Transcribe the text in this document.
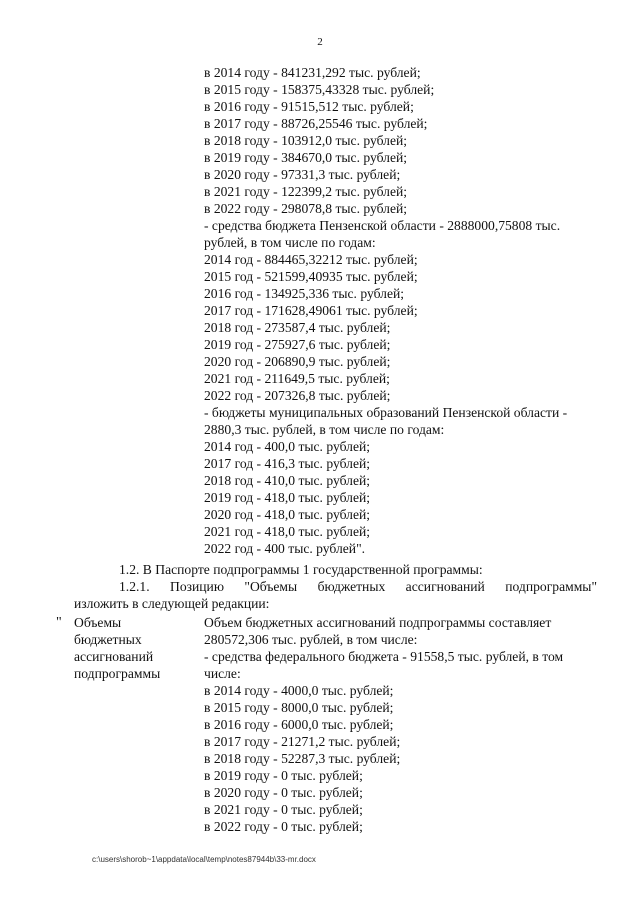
2
в 2014 году - 841231,292 тыс. рублей;
в 2015 году - 158375,43328 тыс. рублей;
в 2016 году - 91515,512 тыс. рублей;
в 2017 году - 88726,25546 тыс. рублей;
в 2018 году - 103912,0 тыс. рублей;
в 2019 году - 384670,0 тыс. рублей;
в 2020 году - 97331,3 тыс. рублей;
в 2021 году - 122399,2 тыс. рублей;
в 2022 году - 298078,8 тыс. рублей;
- средства бюджета Пензенской области - 2888000,75808 тыс.
рублей, в том числе по годам:
2014 год - 884465,32212 тыс. рублей;
2015 год - 521599,40935 тыс. рублей;
2016 год - 134925,336 тыс. рублей;
2017 год - 171628,49061 тыс. рублей;
2018 год - 273587,4 тыс. рублей;
2019 год - 275927,6 тыс. рублей;
2020 год - 206890,9 тыс. рублей;
2021 год - 211649,5 тыс. рублей;
2022 год - 207326,8 тыс. рублей;
- бюджеты муниципальных образований Пензенской области -
2880,3 тыс. рублей, в том числе по годам:
2014 год - 400,0 тыс. рублей;
2017 год - 416,3 тыс. рублей;
2018 год - 410,0 тыс. рублей;
2019 год - 418,0 тыс. рублей;
2020 год - 418,0 тыс. рублей;
2021 год - 418,0 тыс. рублей;
2022 год - 400 тыс. рублей".
1.2. В Паспорте подпрограммы 1 государственной программы:
1.2.1. Позицию "Объемы бюджетных ассигнований подпрограммы"
изложить в следующей редакции:
" Объемы
бюджетных
ассигнований
подпрограммы
Объем бюджетных ассигнований подпрограммы составляет
280572,306 тыс. рублей, в том числе:
- средства федерального бюджета - 91558,5 тыс. рублей, в том
числе:
в 2014 году - 4000,0 тыс. рублей;
в 2015 году - 8000,0 тыс. рублей;
в 2016 году - 6000,0 тыс. рублей;
в 2017 году - 21271,2 тыс. рублей;
в 2018 году - 52287,3 тыс. рублей;
в 2019 году - 0 тыс. рублей;
в 2020 году - 0 тыс. рублей;
в 2021 году - 0 тыс. рублей;
в 2022 году - 0 тыс. рублей;
c:\users\shorob~1\appdata\local\temp\notes87944b\33-mr.docx
